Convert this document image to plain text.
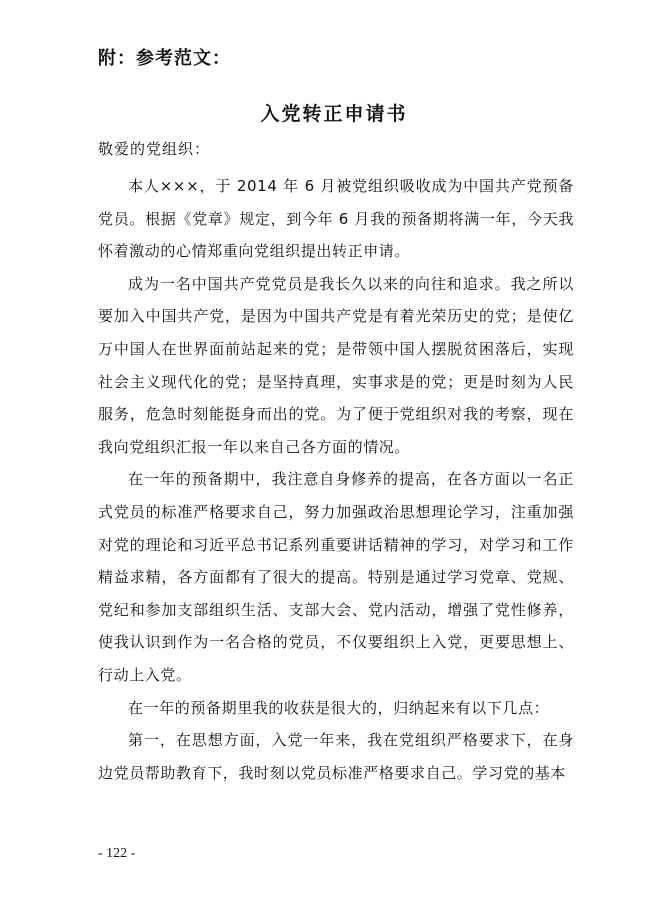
附：参考范文：
入党转正申请书
敬爱的党组织：

本人×××，于 2014 年 6 月被党组织吸收成为中国共产党预备党员。根据《党章》规定，到今年 6 月我的预备期将满一年，今天我怀着激动的心情郑重向党组织提出转正申请。

成为一名中国共产党党员是我长久以来的向往和追求。我之所以要加入中国共产党，是因为中国共产党是有着光荣历史的党；是使亿万中国人在世界面前站起来的党；是带领中国人摆脱贫困落后，实现社会主义现代化的党；是坚持真理，实事求是的党；更是时刻为人民服务，危急时刻能挺身而出的党。为了便于党组织对我的考察，现在我向党组织汇报一年以来自己各方面的情况。

在一年的预备期中，我注意自身修养的提高，在各方面以一名正式党员的标准严格要求自己，努力加强政治思想理论学习，注重加强对党的理论和习近平总书记系列重要讲话精神的学习，对学习和工作精益求精，各方面都有了很大的提高。特别是通过学习党章、党规、党纪和参加支部组织生活、支部大会、党内活动，增强了党性修养，使我认识到作为一名合格的党员，不仅要组织上入党，更要思想上、行动上入党。

在一年的预备期里我的收获是很大的，归纳起来有以下几点：

第一，在思想方面，入党一年来，我在党组织严格要求下，在身边党员帮助教育下，我时刻以党员标准严格要求自己。学习党的基本

- 122 -
